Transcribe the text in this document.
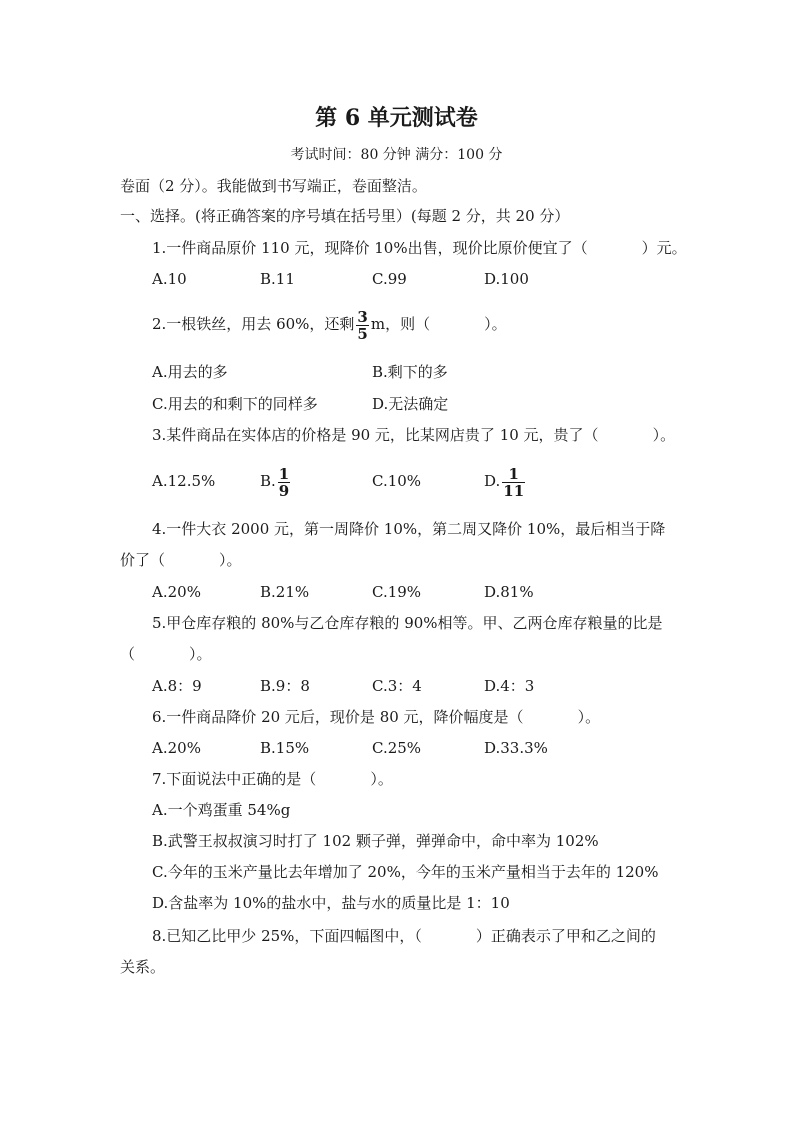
第 6 单元测试卷
考试时间：80 分钟 满分：100 分
卷面（2 分）。我能做到书写端正，卷面整洁。
一、选择。(将正确答案的序号填在括号里）(每题 2 分，共 20 分）
1.一件商品原价 110 元，现降价 10%出售，现价比原价便宜了（	）元。
A.10	B.11	C.99	D.100
2.一根铁丝，用去 60%，还剩 $\frac{3}{5}$ m，则（	）。
A.用去的多	B.剩下的多
C.用去的和剩下的同样多	D.无法确定
3.某件商品在实体店的价格是 90 元，比某网店贵了 10 元，贵了（	）。
A.12.5%	B. $\frac{1}{9}$	C.10%	D. $\frac{1}{11}$
4.一件大衣 2000 元，第一周降价 10%，第二周又降价 10%，最后相当于降
价了（	）。
A.20%	B.21%	C.19%	D.81%
5.甲仓库存粮的 80%与乙仓库存粮的 90%相等。甲、乙两仓库存粮量的比是
（	）。
A.8：9	B.9：8	C.3：4	D.4：3
6.一件商品降价 20 元后，现价是 80 元，降价幅度是（	）。
A.20%	B.15%	C.25%	D.33.3%
7.下面说法中正确的是（	）。
A.一个鸡蛋重 54%g
B.武警王叔叔演习时打了 102 颗子弹，弹弹命中，命中率为 102%
C.今年的玉米产量比去年增加了 20%，今年的玉米产量相当于去年的 120%
D.含盐率为 10%的盐水中，盐与水的质量比是 1：10
8.已知乙比甲少 25%，下面四幅图中，（	）正确表示了甲和乙之间的
关系。
